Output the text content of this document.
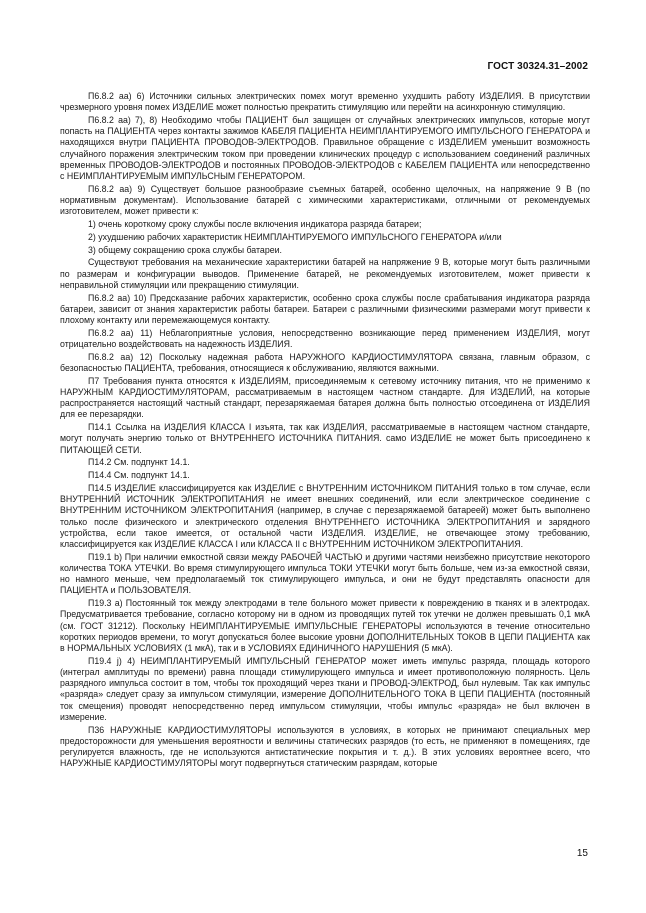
ГОСТ 30324.31–2002

П6.8.2 аа) 6) Источники сильных электрических помех могут временно ухудшить работу ИЗДЕЛИЯ. В присутствии чрезмерного уровня помех ИЗДЕЛИЕ может полностью прекратить стимуляцию или перейти на асинхронную стимуляцию.

П6.8.2 аа) 7), 8) Необходимо чтобы ПАЦИЕНТ был защищен от случайных электрических импульсов, которые могут попасть на ПАЦИЕНТА через контакты зажимов КАБЕЛЯ ПАЦИЕНТА НЕИМПЛАНТИРУЕМОГО ИМПУЛЬСНОГО ГЕНЕРАТОРА и находящихся внутри ПАЦИЕНТА ПРОВОДОВ-ЭЛЕКТРОДОВ. Правильное обращение с ИЗДЕЛИЕМ уменьшит возможность случайного поражения электрическим током при проведении клинических процедур с использованием соединений различных временных ПРОВОДОВ-ЭЛЕКТРОДОВ и постоянных ПРОВОДОВ-ЭЛЕКТРОДОВ с КАБЕЛЕМ ПАЦИЕНТА или непосредственно с НЕИМПЛАНТИРУЕМЫМ ИМПУЛЬСНЫМ ГЕНЕРАТОРОМ.

П6.8.2 аа) 9) Существует большое разнообразие съемных батарей, особенно щелочных, на напряжение 9 В (по нормативным документам). Использование батарей с химическими характеристиками, отличными от рекомендуемых изготовителем, может привести к:

1) очень короткому сроку службы после включения индикатора разряда батареи;

2) ухудшению рабочих характеристик НЕИМПЛАНТИРУЕМОГО ИМПУЛЬСНОГО ГЕНЕРАТОРА и/или

3) общему сокращению срока службы батареи.

Существуют требования на механические характеристики батарей на напряжение 9 В, которые могут быть различными по размерам и конфигурации выводов. Применение батарей, не рекомендуемых изготовителем, может привести к неправильной стимуляции или прекращению стимуляции.

П6.8.2 аа) 10) Предсказание рабочих характеристик, особенно срока службы после срабатывания индикатора разряда батареи, зависит от знания характеристик работы батареи. Батареи с различными физическими размерами могут привести к плохому контакту или перемежающемуся контакту.

П6.8.2 аа) 11) Неблагоприятные условия, непосредственно возникающие перед применением ИЗДЕЛИЯ, могут отрицательно воздействовать на надежность ИЗДЕЛИЯ.

П6.8.2 аа) 12) Поскольку надежная работа НАРУЖНОГО КАРДИОСТИМУЛЯТОРА связана, главным образом, с безопасностью ПАЦИЕНТА, требования, относящиеся к обслуживанию, являются важными.

П7 Требования пункта относятся к ИЗДЕЛИЯМ, присоединяемым к сетевому источнику питания, что не применимо к НАРУЖНЫМ КАРДИОСТИМУЛЯТОРАМ, рассматриваемым в настоящем частном стандарте. Для ИЗДЕЛИЙ, на которые распространяется настоящий частный стандарт, перезаряжаемая батарея должна быть полностью отсоединена от ИЗДЕЛИЯ для ее перезарядки.

П14.1 Ссылка на ИЗДЕЛИЯ КЛАССА I изъята, так как ИЗДЕЛИЯ, рассматриваемые в настоящем частном стандарте, могут получать энергию только от ВНУТРЕННЕГО ИСТОЧНИКА ПИТАНИЯ. само ИЗДЕЛИЕ не может быть присоединено к ПИТАЮЩЕЙ СЕТИ.

П14.2 См. подпункт 14.1.

П14.4 См. подпункт 14.1.

П14.5 ИЗДЕЛИЕ классифицируется как ИЗДЕЛИЕ с ВНУТРЕННИМ ИСТОЧНИКОМ ПИТАНИЯ только в том случае, если ВНУТРЕННИЙ ИСТОЧНИК ЭЛЕКТРОПИТАНИЯ не имеет внешних соединений, или если электрическое соединение с ВНУТРЕННИМ ИСТОЧНИКОМ ЭЛЕКТРОПИТАНИЯ (например, в случае с перезаряжаемой батареей) может быть выполнено только после физического и электрического отделения ВНУТРЕННЕГО ИСТОЧНИКА ЭЛЕКТРОПИТАНИЯ и зарядного устройства, если такое имеется, от остальной части ИЗДЕЛИЯ. ИЗДЕЛИЕ, не отвечающее этому требованию, классифицируется как ИЗДЕЛИЕ КЛАССА I или КЛАССА II с ВНУТРЕННИМ ИСТОЧНИКОМ ЭЛЕКТРОПИТАНИЯ.

П19.1 b) При наличии емкостной связи между РАБОЧЕЙ ЧАСТЬЮ и другими частями неизбежно присутствие некоторого количества ТОКА УТЕЧКИ. Во время стимулирующего импульса ТОКИ УТЕЧКИ могут быть больше, чем из-за емкостной связи, но намного меньше, чем предполагаемый ток стимулирующего импульса, и они не будут представлять опасности для ПАЦИЕНТА и ПОЛЬЗОВАТЕЛЯ.

П19.3 а) Постоянный ток между электродами в теле больного может привести к повреждению в тканях и в электродах. Предусматривается требование, согласно которому ни в одном из проводящих путей ток утечки не должен превышать 0,1 мкА (см. ГОСТ 31212). Поскольку НЕИМПЛАНТИРУЕМЫЕ ИМПУЛЬСНЫЕ ГЕНЕРАТОРЫ используются в течение относительно коротких периодов времени, то могут допускаться более высокие уровни ДОПОЛНИТЕЛЬНЫХ ТОКОВ В ЦЕПИ ПАЦИЕНТА как в НОРМАЛЬНЫХ УСЛОВИЯХ (1 мкА), так и в УСЛОВИЯХ ЕДИНИЧНОГО НАРУШЕНИЯ (5 мкА).

П19.4 j) 4) НЕИМПЛАНТИРУЕМЫЙ ИМПУЛЬСНЫЙ ГЕНЕРАТОР может иметь импульс разряда, площадь которого (интеграл амплитуды по времени) равна площади стимулирующего импульса и имеет противоположную полярность. Цель разрядного импульса состоит в том, чтобы ток проходящий через ткани и ПРОВОД-ЭЛЕКТРОД, был нулевым. Так как импульс «разряда» следует сразу за импульсом стимуляции, измерение ДОПОЛНИТЕЛЬНОГО ТОКА В ЦЕПИ ПАЦИЕНТА (постоянный ток смещения) проводят непосредственно перед импульсом стимуляции, чтобы импульс «разряда» не был включен в измерение.

П36 НАРУЖНЫЕ КАРДИОСТИМУЛЯТОРЫ используются в условиях, в которых не принимают специальных мер предосторожности для уменьшения вероятности и величины статических разрядов (то есть, не применяют в помещениях, где регулируется влажность, где не используются антистатические покрытия и т. д.). В этих условиях вероятнее всего, что НАРУЖНЫЕ КАРДИОСТИМУЛЯТОРЫ могут подвергнуться статическим разрядам, которые

15
